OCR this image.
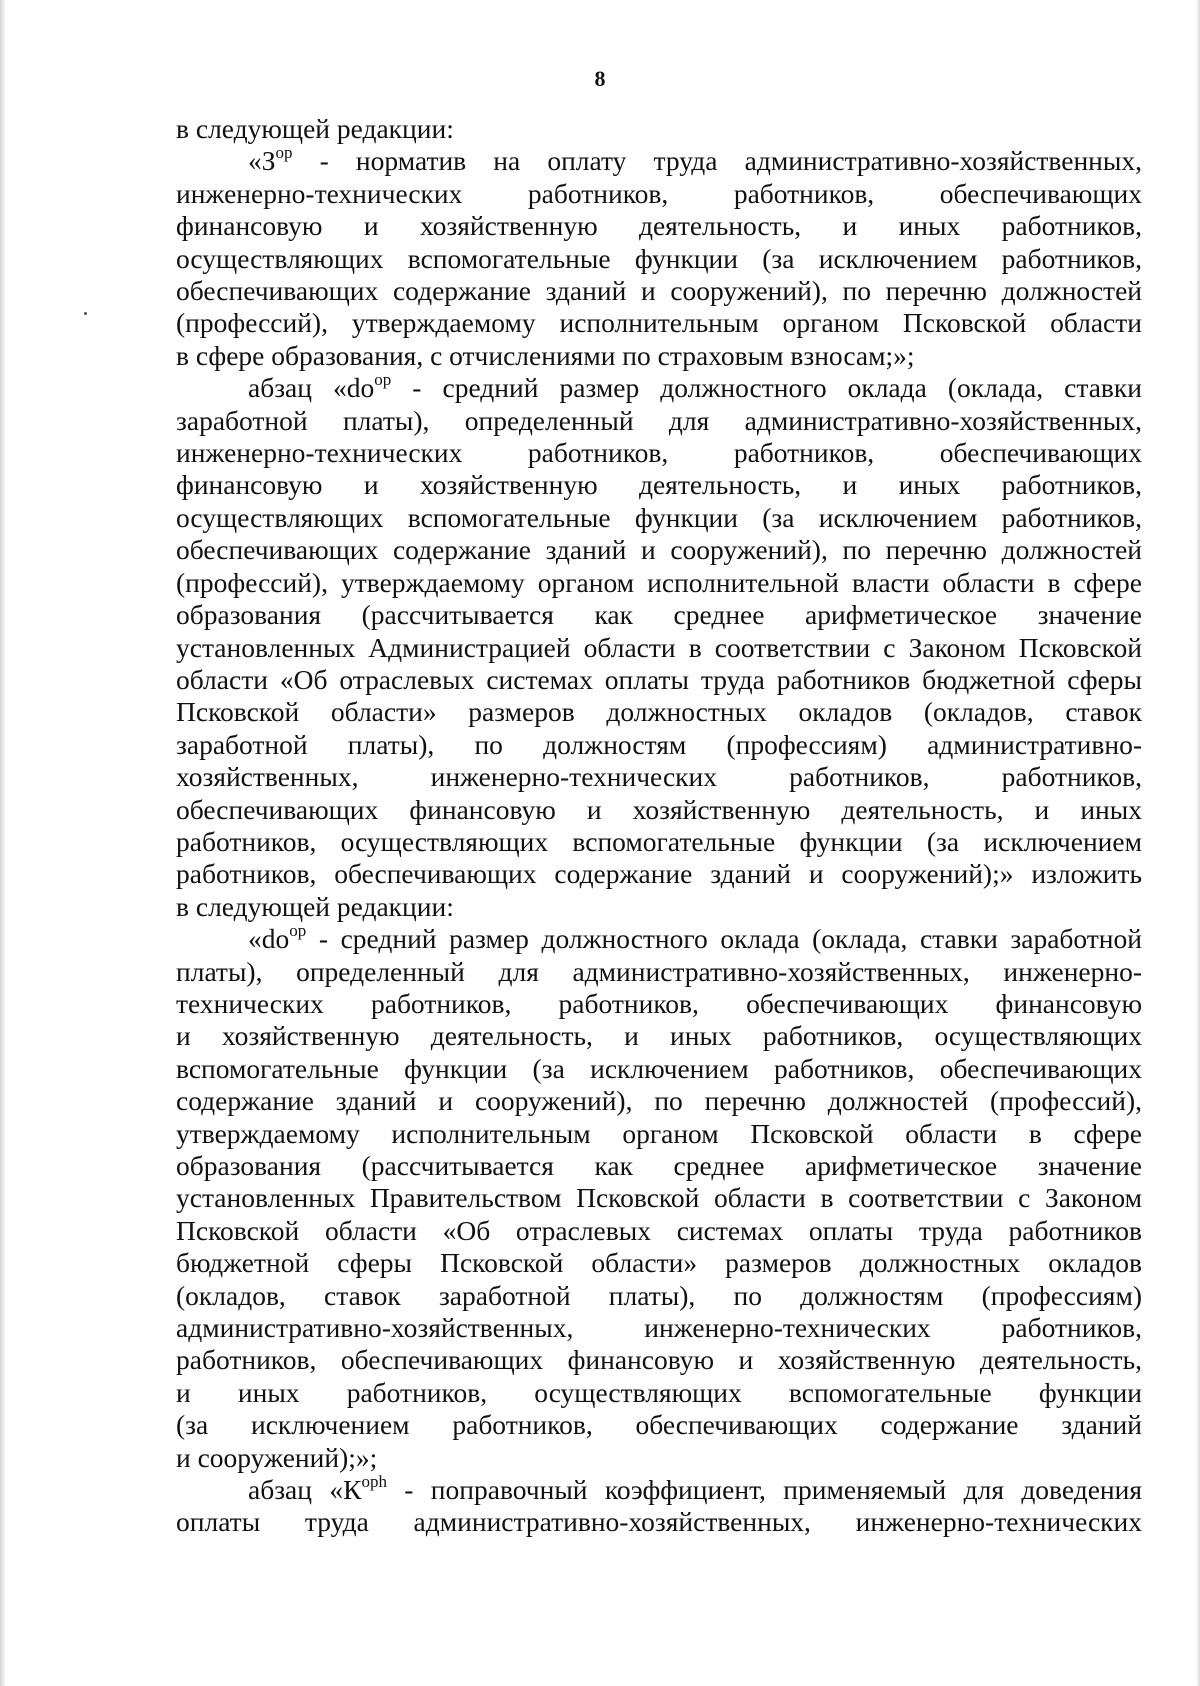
8
в следующей редакции:
«$З^{ор}$ - норматив на оплату труда административно-хозяйственных,
инженерно-технических работников, работников, обеспечивающих
финансовую и хозяйственную деятельность, и иных работников,
осуществляющих вспомогательные функции (за исключением работников,
обеспечивающих содержание зданий и сооружений), по перечню должностей
(профессий), утверждаемому исполнительным органом Псковской области
в сфере образования, с отчислениями по страховым взносам;»;
абзац «$dо^{ор}$ - средний размер должностного оклада (оклада, ставки
заработной платы), определенный для административно-хозяйственных,
инженерно-технических работников, работников, обеспечивающих
финансовую и хозяйственную деятельность, и иных работников,
осуществляющих вспомогательные функции (за исключением работников,
обеспечивающих содержание зданий и сооружений), по перечню должностей
(профессий), утверждаемому органом исполнительной власти области в сфере
образования (рассчитывается как среднее арифметическое значение
установленных Администрацией области в соответствии с Законом Псковской
области «Об отраслевых системах оплаты труда работников бюджетной сферы
Псковской области» размеров должностных окладов (окладов, ставок
заработной платы), по должностям (профессиям) административно-
хозяйственных, инженерно-технических работников, работников,
обеспечивающих финансовую и хозяйственную деятельность, и иных
работников, осуществляющих вспомогательные функции (за исключением
работников, обеспечивающих содержание зданий и сооружений);» изложить
в следующей редакции:
«$dо^{ор}$ - средний размер должностного оклада (оклада, ставки заработной
платы), определенный для административно-хозяйственных, инженерно-
технических работников, работников, обеспечивающих финансовую
и хозяйственную деятельность, и иных работников, осуществляющих
вспомогательные функции (за исключением работников, обеспечивающих
содержание зданий и сооружений), по перечню должностей (профессий),
утверждаемому исполнительным органом Псковской области в сфере
образования (рассчитывается как среднее арифметическое значение
установленных Правительством Псковской области в соответствии с Законом
Псковской области «Об отраслевых системах оплаты труда работников
бюджетной сферы Псковской области» размеров должностных окладов
(окладов, ставок заработной платы), по должностям (профессиям)
административно-хозяйственных, инженерно-технических работников,
работников, обеспечивающих финансовую и хозяйственную деятельность,
и иных работников, осуществляющих вспомогательные функции
(за исключением работников, обеспечивающих содержание зданий
и сооружений);»;
абзац «$К^{орh}$ - поправочный коэффициент, применяемый для доведения
оплаты труда административно-хозяйственных, инженерно-технических
